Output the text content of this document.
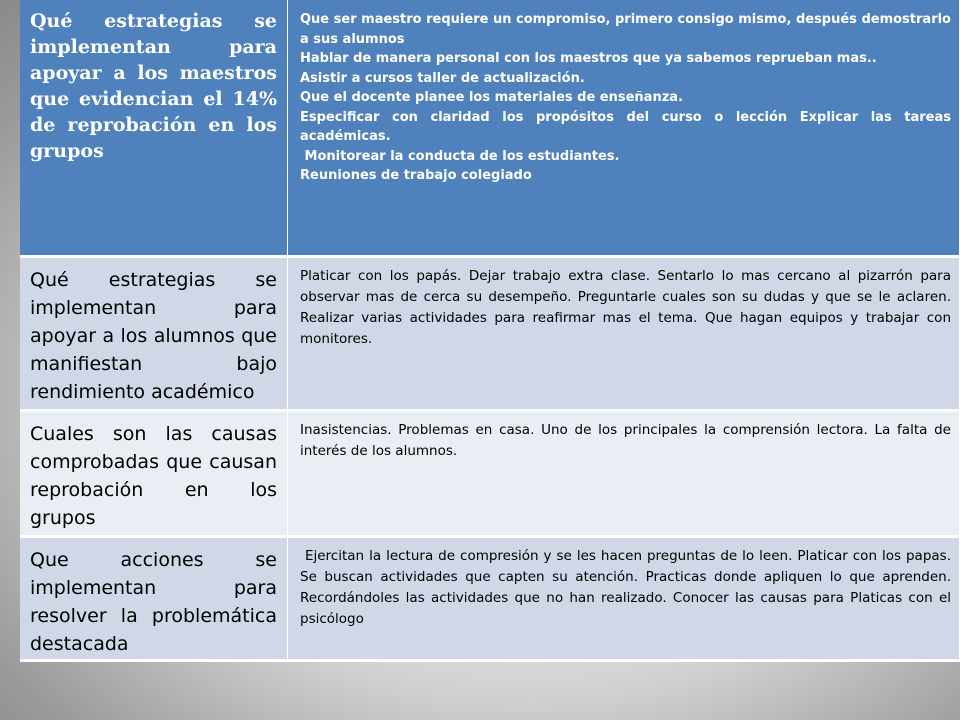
Qué estrategias se implementan para apoyar a los maestros que evidencian el 14% de reprobación en los grupos
Que ser maestro requiere un compromiso, primero consigo mismo, después demostrarlo a sus alumnos
Hablar de manera personal con los maestros que ya sabemos reprueban mas..
Asistir a cursos taller de actualización.
Que el docente planee los materiales de enseñanza.
Especificar con claridad los propósitos del curso o lección Explicar las tareas académicas.
Monitorear la conducta de los estudiantes.
Reuniones de trabajo colegiado
Qué estrategias se implementan para apoyar a los alumnos que manifiestan bajo rendimiento académico
Platicar con los papás. Dejar trabajo extra clase. Sentarlo lo mas cercano al pizarrón para observar mas de cerca su desempeño. Preguntarle cuales son su dudas y que se le aclaren. Realizar varias actividades para reafirmar mas el tema. Que hagan equipos y trabajar con monitores.
Cuales son las causas comprobadas que causan reprobación en los grupos
Inasistencias. Problemas en casa. Uno de los principales la comprensión lectora. La falta de interés de los alumnos.
Que acciones se implementan para resolver la problemática destacada
Ejercitan la lectura de compresión y se les hacen preguntas de lo leen. Platicar con los papas. Se buscan actividades que capten su atención. Practicas donde apliquen lo que aprenden. Recordándoles las actividades que no han realizado. Conocer las causas para Platicas con el psicólogo
